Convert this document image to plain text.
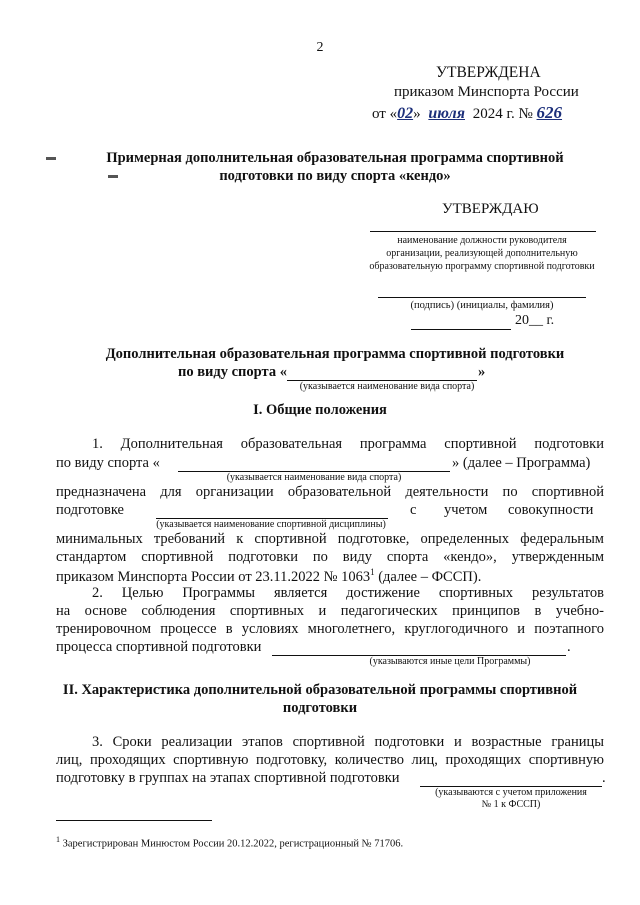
2
УТВЕРЖДЕНА
приказом Минспорта России
от «02» июля 2024 г. № 626
▬
▬
Примерная дополнительная образовательная программа спортивной
подготовки по виду спорта «кендо»
УТВЕРЖДАЮ
наименование должности руководителя
организации, реализующей дополнительную
образовательную программу спортивной подготовки
(подпись) (инициалы, фамилия)
20__ г.
Дополнительная образовательная программа спортивной подготовки
по виду спорта «	»
(указывается наименование вида спорта)
I. Общие положения
1. Дополнительная образовательная программа спортивной подготовки
по виду спорта «	» (далее – Программа)
(указывается наименование вида спорта)
предназначена для организации образовательной деятельности по спортивной
подготовке	с учетом совокупности
(указывается наименование спортивной дисциплины)
минимальных требований к спортивной подготовке, определенных федеральным
стандартом спортивной подготовки по виду спорта «кендо», утвержденным
приказом Минспорта России от 23.11.2022 № 1063$^1$ (далее – ФССП).
2. Целью Программы является достижение спортивных результатов
на основе соблюдения спортивных и педагогических принципов в учебно-
тренировочном процессе в условиях многолетнего, круглогодичного и поэтапного
процесса спортивной подготовки	.
(указываются иные цели Программы)
II. Характеристика дополнительной образовательной программы спортивной
подготовки
3. Сроки реализации этапов спортивной подготовки и возрастные границы
лиц, проходящих спортивную подготовку, количество лиц, проходящих спортивную
подготовку в группах на этапах спортивной подготовки	.
(указываются с учетом приложения
№ 1 к ФССП)
$^1$ Зарегистрирован Минюстом России 20.12.2022, регистрационный № 71706.
